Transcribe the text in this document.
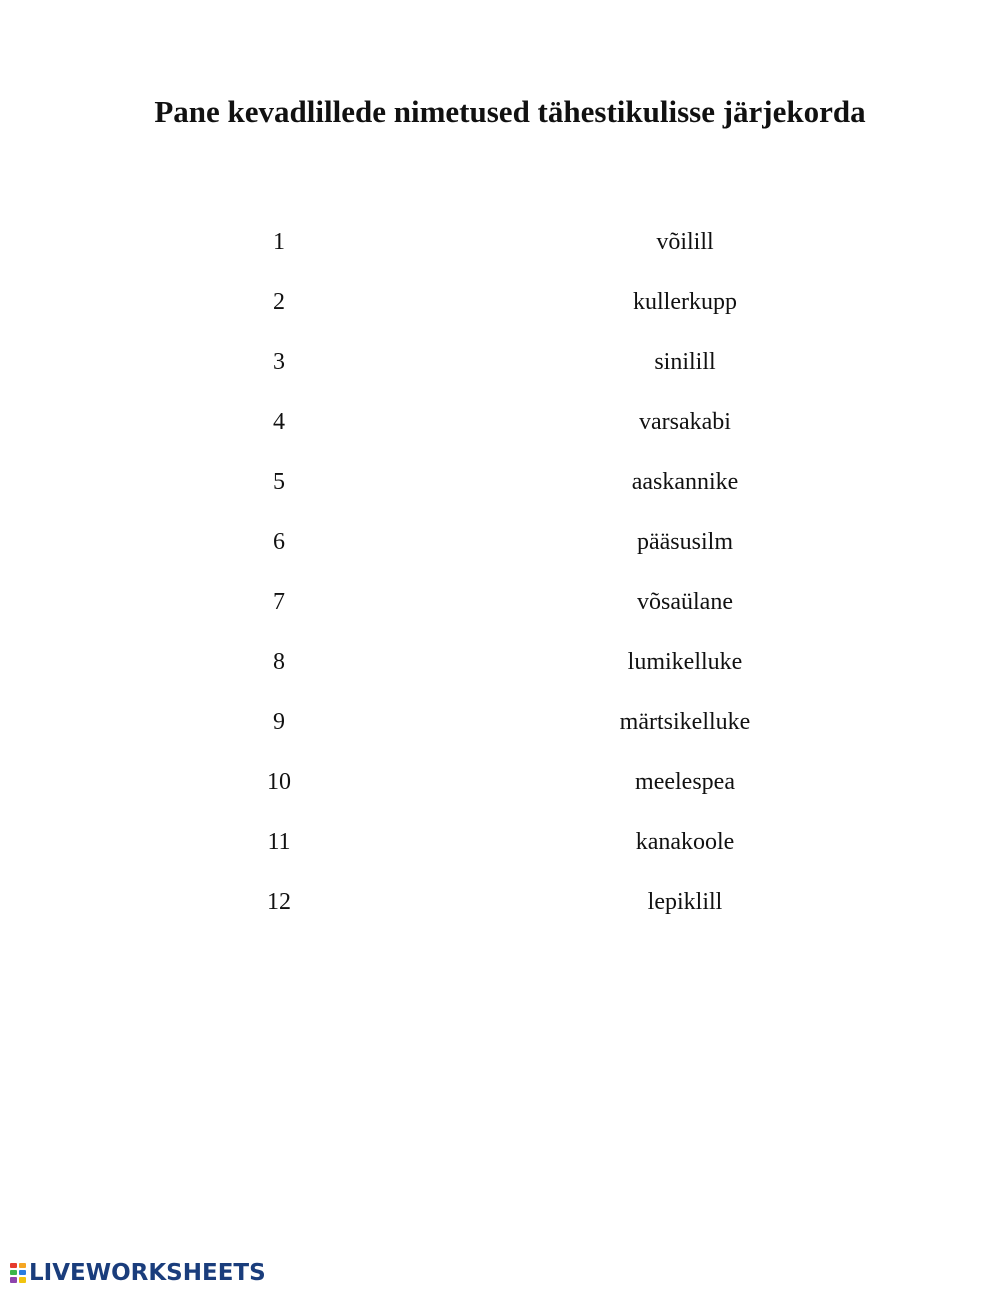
Pane kevadlillede nimetused tähestikulisse järjekorda
1	võilill
2	kullerkupp
3	sinilill
4	varsakabi
5	aaskannike
6	pääsusilm
7	võsaülane
8	lumikelluke
9	märtsikelluke
10	meelespea
11	kanakoole
12	lepiklill
LIVEWORKSHEETS
